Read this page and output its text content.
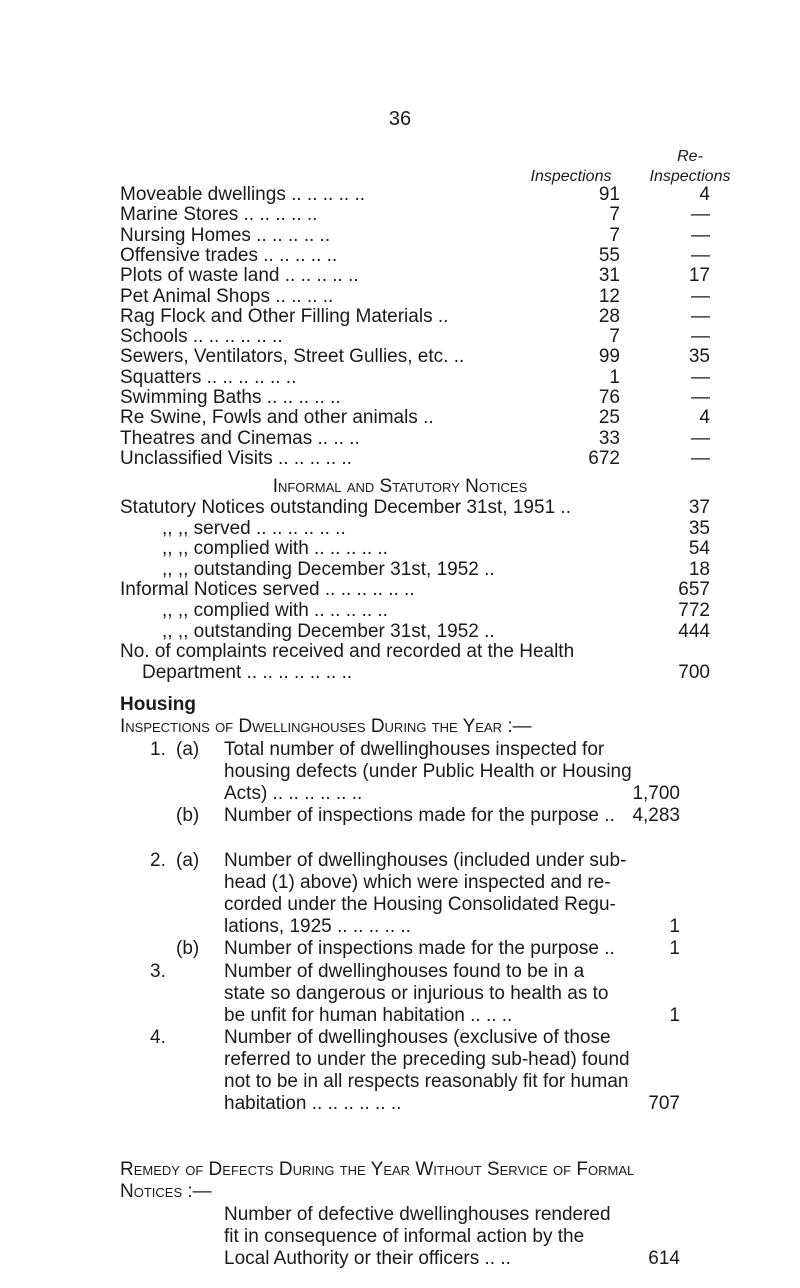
36
Inspections
Re-
Inspections
Moveable dwellings .. .. .. .. ..	91	4
Marine Stores .. .. .. .. ..	7	—
Nursing Homes .. .. .. .. ..	7	—
Offensive trades .. .. .. .. ..	55	—
Plots of waste land .. .. .. .. ..	31	17
Pet Animal Shops .. .. .. ..	12	—
Rag Flock and Other Filling Materials ..	28	—
Schools .. .. .. .. .. ..	7	—
Sewers, Ventilators, Street Gullies, etc. ..	99	35
Squatters .. .. .. .. .. ..	1	—
Swimming Baths .. .. .. .. ..	76	—
Re Swine, Fowls and other animals ..	25	4
Theatres and Cinemas .. .. ..	33	—
Unclassified Visits .. .. .. .. ..	672	—
Informal and Statutory Notices
Statutory Notices outstanding December 31st, 1951 ..	37
,, ,, served .. .. .. .. .. ..	35
,, ,, complied with .. .. .. .. ..	54
,, ,, outstanding December 31st, 1952 ..	18
Informal Notices served .. .. .. .. .. ..	657
,, ,, complied with .. .. .. .. ..	772
,, ,, outstanding December 31st, 1952 ..	444
No. of complaints received and recorded at the Health
Department .. .. .. .. .. .. ..	700
Housing
Inspections of Dwellinghouses During the Year :—
1. (a) Total number of dwellinghouses inspected for
housing defects (under Public Health or Housing
Acts) .. .. .. .. .. ..	1,700
(b) Number of inspections made for the purpose .. 4,283
2. (a) Number of dwellinghouses (included under sub-
head (1) above) which were inspected and re-
corded under the Housing Consolidated Regu-
lations, 1925 .. .. .. .. ..	1
(b) Number of inspections made for the purpose ..	1
3.	Number of dwellinghouses found to be in a
state so dangerous or injurious to health as to
be unfit for human habitation .. .. ..	1
4.	Number of dwellinghouses (exclusive of those
referred to under the preceding sub-head) found
not to be in all respects reasonably fit for human
habitation .. .. .. .. .. ..	707
Remedy of Defects During the Year Without Service of Formal
Notices :—
Number of defective dwellinghouses rendered
fit in consequence of informal action by the
Local Authority or their officers .. ..	614
